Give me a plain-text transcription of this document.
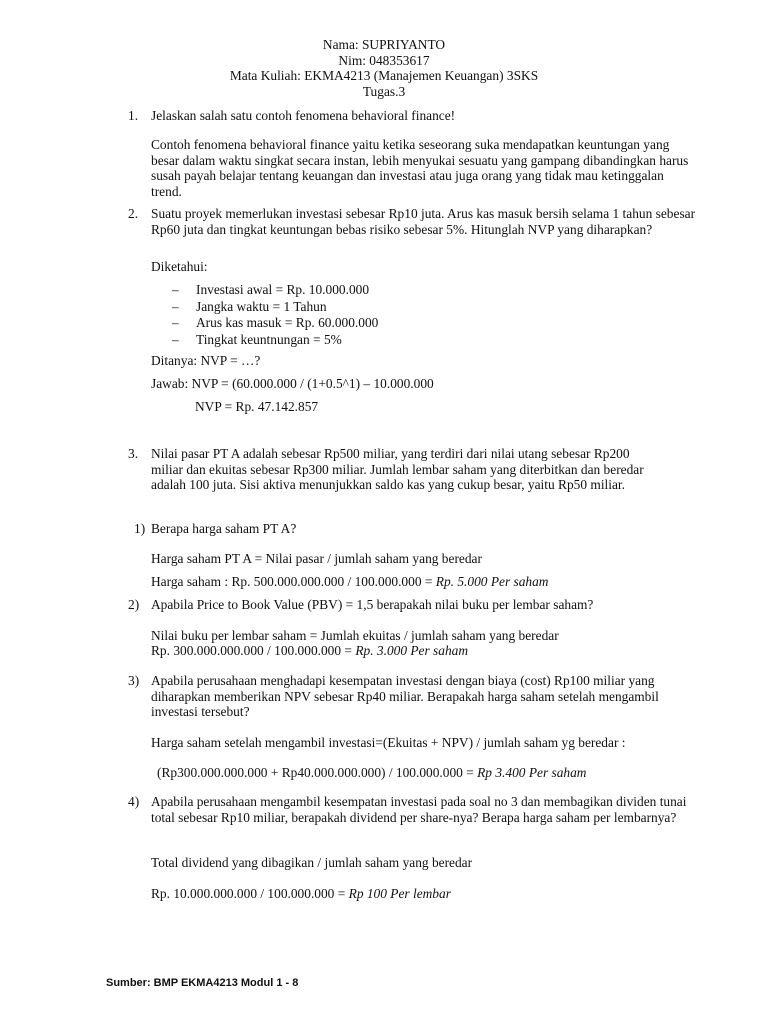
Nama: SUPRIYANTO
Nim: 048353617
Mata Kuliah: EKMA4213 (Manajemen Keuangan) 3SKS
Tugas.3
1. Jelaskan salah satu contoh fenomena behavioral finance!
Contoh fenomena behavioral finance yaitu ketika seseorang suka mendapatkan keuntungan yang besar dalam waktu singkat secara instan, lebih menyukai sesuatu yang gampang dibandingkan harus susah payah belajar tentang keuangan dan investasi atau juga orang yang tidak mau ketinggalan trend.
2. Suatu proyek memerlukan investasi sebesar Rp10 juta. Arus kas masuk bersih selama 1 tahun sebesar Rp60 juta dan tingkat keuntungan bebas risiko sebesar 5%. Hitunglah NVP yang diharapkan?
Diketahui:
– Investasi awal = Rp. 10.000.000
– Jangka waktu = 1 Tahun
– Arus kas masuk = Rp. 60.000.000
– Tingkat keuntnungan = 5%
Ditanya: NVP = …?
Jawab: NVP = (60.000.000 / (1+0.5^1) – 10.000.000
NVP = Rp. 47.142.857
3. Nilai pasar PT A adalah sebesar Rp500 miliar, yang terdiri dari nilai utang sebesar Rp200 miliar dan ekuitas sebesar Rp300 miliar. Jumlah lembar saham yang diterbitkan dan beredar adalah 100 juta. Sisi aktiva menunjukkan saldo kas yang cukup besar, yaitu Rp50 miliar.
1) Berapa harga saham PT A?
Harga saham PT A = Nilai pasar / jumlah saham yang beredar
Harga saham : Rp. 500.000.000.000 / 100.000.000 = Rp. 5.000 Per saham
2) Apabila Price to Book Value (PBV) = 1,5 berapakah nilai buku per lembar saham?
Nilai buku per lembar saham = Jumlah ekuitas / jumlah saham yang beredar
Rp. 300.000.000.000 / 100.000.000 = Rp. 3.000 Per saham
3) Apabila perusahaan menghadapi kesempatan investasi dengan biaya (cost) Rp100 miliar yang diharapkan memberikan NPV sebesar Rp40 miliar. Berapakah harga saham setelah mengambil investasi tersebut?
Harga saham setelah mengambil investasi=(Ekuitas + NPV) / jumlah saham yg beredar :
(Rp300.000.000.000 + Rp40.000.000.000) / 100.000.000 = Rp 3.400 Per saham
4) Apabila perusahaan mengambil kesempatan investasi pada soal no 3 dan membagikan dividen tunai total sebesar Rp10 miliar, berapakah dividend per share-nya? Berapa harga saham per lembarnya?
Total dividend yang dibagikan / jumlah saham yang beredar
Rp. 10.000.000.000 / 100.000.000 = Rp 100 Per lembar
Sumber: BMP EKMA4213 Modul 1 - 8
